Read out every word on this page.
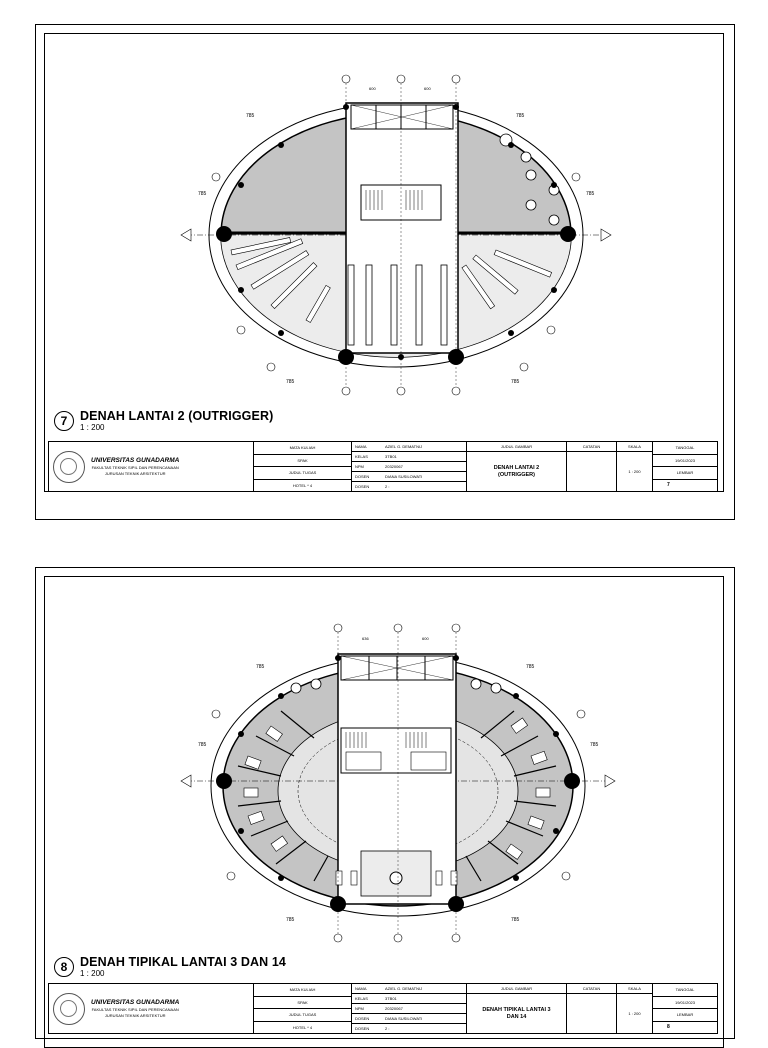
785	785
785	785
785	785
600	600
7	DENAH LANTAI 2 (OUTRIGGER)
1 : 200
UNIVERSITAS GUNADARMA
FAKULTAS TEKNIK SIPIL DAN PERENCANAAN
JURUSAN TEKNIK ARSITEKTUR
MATA KULIAH
SPAK
JUDUL TUGAS
HOTEL * 4
NAMA	AZIEL G. DEMATNIJ
KELAS	3TB01
NPM	20320067
DOSEN	DIANA SUSILOWATI
DOSEN	2 :
JUDUL GAMBAR
DENAH LANTAI 2
(OUTRIGGER)
CATATAN	SKALA
1 : 200
TANGGAL
19/01/2023
LEMBAR
7
785	785
785	785
785	785
636	600
8	DENAH TIPIKAL LANTAI 3 DAN 14
1 : 200
UNIVERSITAS GUNADARMA
FAKULTAS TEKNIK SIPIL DAN PERENCANAAN
JURUSAN TEKNIK ARSITEKTUR
MATA KULIAH
SPAK
JUDUL TUGAS
HOTEL * 4
NAMA	AZIEL G. DEMATNIJ
KELAS	3TB01
NPM	20320067
DOSEN	DIANA SUSILOWATI
DOSEN	2 :
JUDUL GAMBAR
DENAH TIPIKAL LANTAI 3
DAN 14
CATATAN	SKALA
1 : 200
TANGGAL
19/01/2023
LEMBAR
8
